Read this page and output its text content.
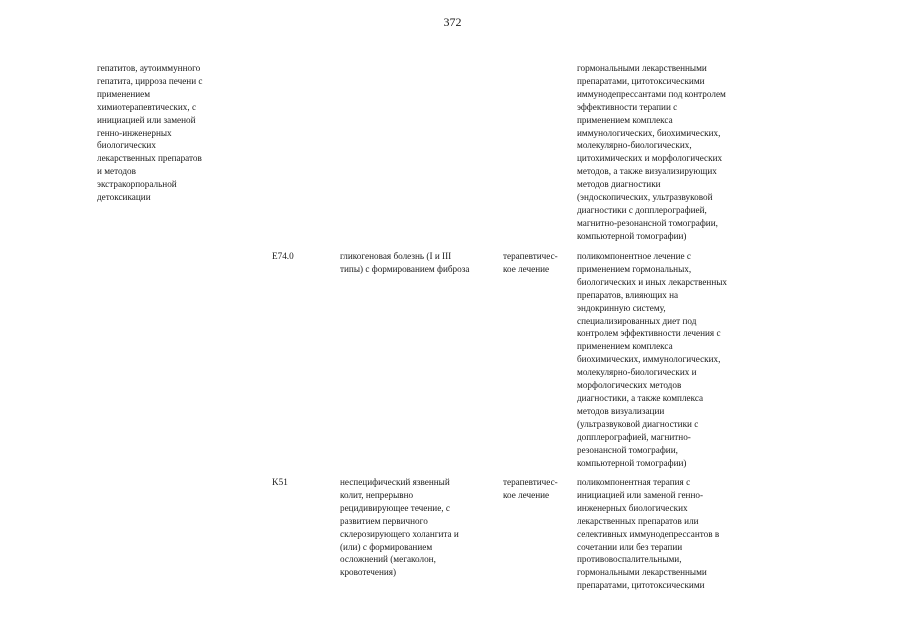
372
гепатитов, аутоиммунного
гепатита, цирроза печени с
применением
химиотерапевтических, с
инициацией или заменой
генно-инженерных
биологических
лекарственных препаратов
и методов
экстракорпоральной
детоксикации
гормональными лекарственными
препаратами, цитотоксическими
иммунодепрессантами под контролем
эффективности терапии с
применением комплекса
иммунологических, биохимических,
молекулярно-биологических,
цитохимических и морфологических
методов, а также визуализирующих
методов диагностики
(эндоскопических, ультразвуковой
диагностики с допплерографией,
магнитно-резонансной томографии,
компьютерной томографии)
E74.0	гликогеновая болезнь (I и III
типы) с формированием фиброза
терапевтичес-
кое лечение
поликомпонентное лечение с
применением гормональных,
биологических и иных лекарственных
препаратов, влияющих на
эндокринную систему,
специализированных диет под
контролем эффективности лечения с
применением комплекса
биохимических, иммунологических,
молекулярно-биологических и
морфологических методов
диагностики, а также комплекса
методов визуализации
(ультразвуковой диагностики с
допплерографией, магнитно-
резонансной томографии,
компьютерной томографии)
K51	неспецифический язвенный
колит, непрерывно
рецидивирующее течение, с
развитием первичного
склерозирующего холангита и
(или) с формированием
осложнений (мегаколон,
кровотечения)
терапевтичес-
кое лечение
поликомпонентная терапия с
инициацией или заменой генно-
инженерных биологических
лекарственных препаратов или
селективных иммунодепрессантов в
сочетании или без терапии
противовоспалительными,
гормональными лекарственными
препаратами, цитотоксическими
